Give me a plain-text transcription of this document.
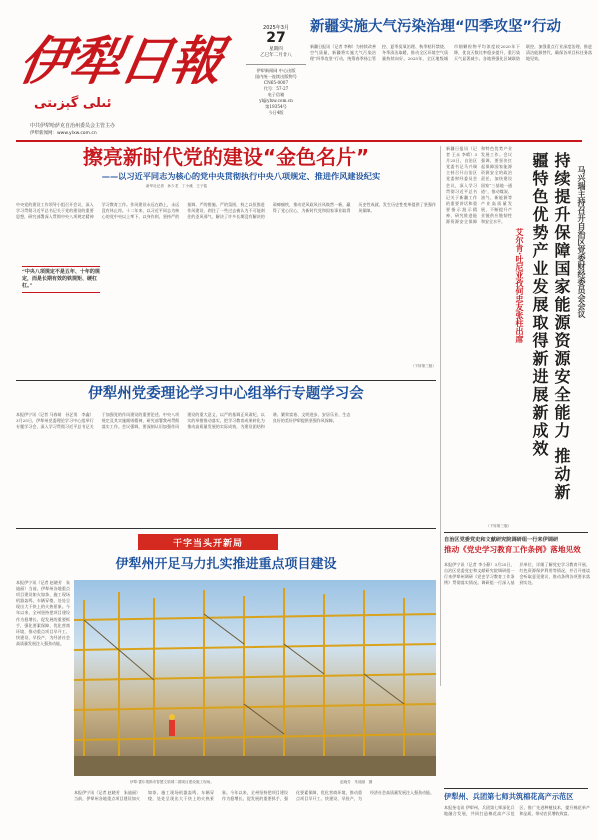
伊犁日報
ئىلى گېزىتى
中共伊犁哈萨克自治州委员会主管主办
伊犁新闻网：www.ylxw.com.cn
2025年3月
27
星期四
乙巳年二月廿八
伊犁新闻网 中心出版
国内统一连续出版物号
CN65-0007
代号：57-27
电子信箱
yl@ylxw.com.cn
第19354号
今日4版
新疆实施大气污染治理“四季攻坚”行动
新疆日报讯（记者 李梅）为持续改善空气质量，新疆将实施大气污染治理“四季攻坚”行动，统筹春季扬尘管控、夏季臭氧治理、秋季秸秆禁烧、冬季清洁取暖，推动全区环境空气质量持续向好。2025年，全区地级城市细颗粒物平均浓度较2020年下降，优良天数比率稳步提升，重污染天气显著减少。各地将强化区域联防联控，加强重点行业深度治理，推进清洁能源替代，确保各项目标任务落地见效。
擦亮新时代党的建设“金色名片”
——以习近平同志为核心的党中央贯彻执行中央八项规定、推进作风建设纪实
新华社记者　孙少龙　丁小溪　王子铭
“中央八项规定不是五年、十年的规定，而是长期有效的铁规矩、硬杠杠。”
中央党的建设工作领导小组召开会议，深入学习贯彻习近平总书记关于党的建设的重要思想，研究部署深入贯彻中央八项规定精神学习教育工作。作风建设永远在路上，永远没有休止符。十二年来，以习近平同志为核心的党中央以上率下、以身作则，坚持严的基调、严的措施、严的氛围，持之以恒推进作风建设，刹住了一些过去被认为不可能刹住的歪风邪气，解决了许多长期没有解决的顽瘴痼疾，推动党风政风社风焕然一新，赢得了党心民心，为新时代党和国家事业取得历史性成就、发生历史性变革提供了坚强作风保障。
（下转第三版）
马兴瑞主持召开自治区党委财经委员会会议
持续提升保障国家能源资源安全能力 推动新疆特色优势产业发展取得新进展新成效
艾尔肯·吐尼亚孜何忠友张柱出席
新疆日报讯（记者 王永 李晴）3月25日，自治区党委书记马兴瑞主持召开自治区党委财经委员会会议，深入学习贯彻习近平总书记关于新疆工作的重要讲话和重要指示批示精神，研究推进能源资源安全保障和特色优势产业发展工作。会议强调，要坚决扛起保障国家能源资源安全的政治责任，加快建设国家“三基地一通道”，推动煤炭、油气、新能源等产业高质量发展，不断提升产业链供应链韧性和安全水平。
（下转第三版）
伊犁州党委理论学习中心组举行专题学习会
本报伊宁讯（记者 马春萌　孙艺男　李鑫）3月25日，伊犁州党委理论学习中心组举行专题学习会，深入学习贯彻习近平总书记关于加强党的作风建设的重要论述、中央八项规定及其实施细则精神，研究部署我州贯彻落实工作。会议强调，要深刻认识加强作风建设的重大意义，以严的基调正风肃纪，以实的举措推动落实，把学习教育成果转化为推动高质量发展的实际成效，为建设团结和谐、繁荣富裕、文明进步、安居乐业、生态良好的美好伊犁提供坚强作风保障。
干字当头开新局
伊犁州开足马力扎实推进重点项目建设
本报伊宁讯（记者 赵晓芳　朱迪丽）当前，伊犁州各地重点项目建设如火如荼，施工现场机器轰鸣、车辆穿梭，处处呈现出大干快上的火热景象。今年以来，全州坚持把项目建设作为稳增长、促发展的重要抓手，强化要素保障，优化营商环境，推动重点项目早开工、快建设、早投产，为经济社会高质量发展注入强劲动能。
伊犁·霍尔果斯市智慧文旅城二期项目建设施工现场。	赵晓芳　朱迪丽　摄
本报伊宁讯（记者 赵晓芳　朱迪丽）当前，伊犁州各地重点项目建设如火如荼，施工现场机器轰鸣、车辆穿梭，处处呈现出大干快上的火热景象。今年以来，全州坚持把项目建设作为稳增长、促发展的重要抓手，强化要素保障，优化营商环境，推动重点项目早开工、快建设、早投产，为经济社会高质量发展注入强劲动能。
自治区党委党史和文献研究院调研组一行来伊调研
推动《党史学习教育工作条例》落地见效
本报伊宁讯（记者 李小静）3月25日，自治区党委党史和文献研究院调研组一行来伊犁州调研《党史学习教育工作条例》贯彻落实情况。调研组一行深入基层单位，详细了解党史学习教育开展、红色资源保护利用等情况，并召开座谈会听取意见建议，推动条例各项要求落到实处。
伊犁州、兵团第七师共筑棉花高产示范区
本报奎屯讯 伊犁州、兵团第七师深化兵地融合发展，共同打造棉花高产示范区，推广先进种植技术，提升棉花单产和品质，带动农民增收致富。
